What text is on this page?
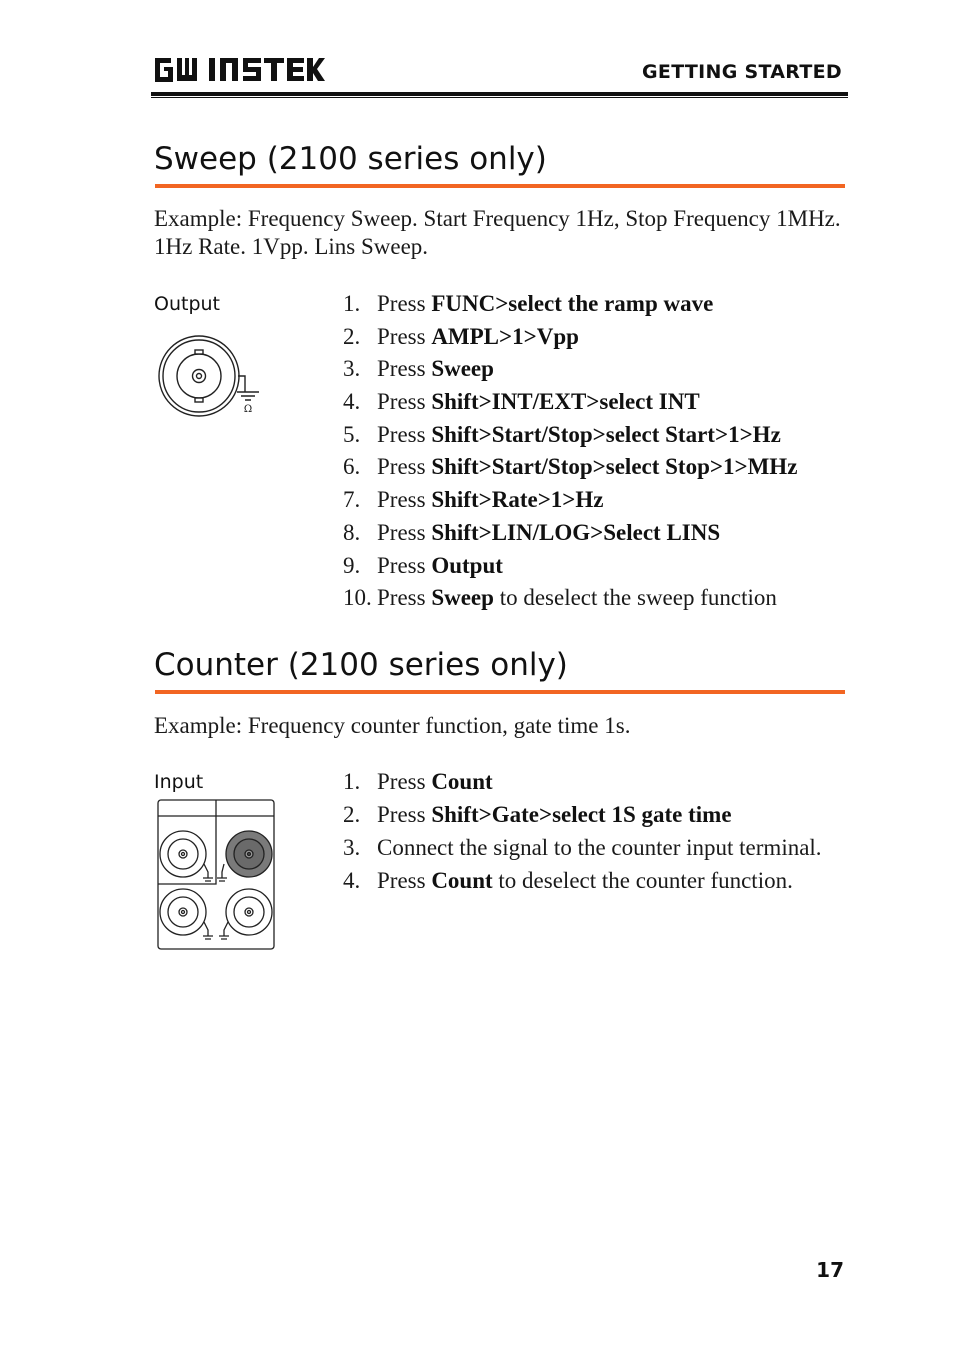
GETTING STARTED
Sweep (2100 series only)
Example: Frequency Sweep. Start Frequency 1Hz, Stop Frequency 1MHz. 1Hz Rate. 1Vpp. Lins Sweep.
Output
Ω
1. Press FUNC>select the ramp wave
2. Press AMPL>1>Vpp
3. Press Sweep
4. Press Shift>INT/EXT>select INT
5. Press Shift>Start/Stop>select Start>1>Hz
6. Press Shift>Start/Stop>select Stop>1>MHz
7. Press Shift>Rate>1>Hz
8. Press Shift>LIN/LOG>Select LINS
9. Press Output
10. Press Sweep to deselect the sweep function
Counter (2100 series only)
Example: Frequency counter function, gate time 1s.
Input	1. Press Count
2. Press Shift>Gate>select 1S gate time
3. Connect the signal to the counter input terminal.
4. Press Count to deselect the counter function.
17
